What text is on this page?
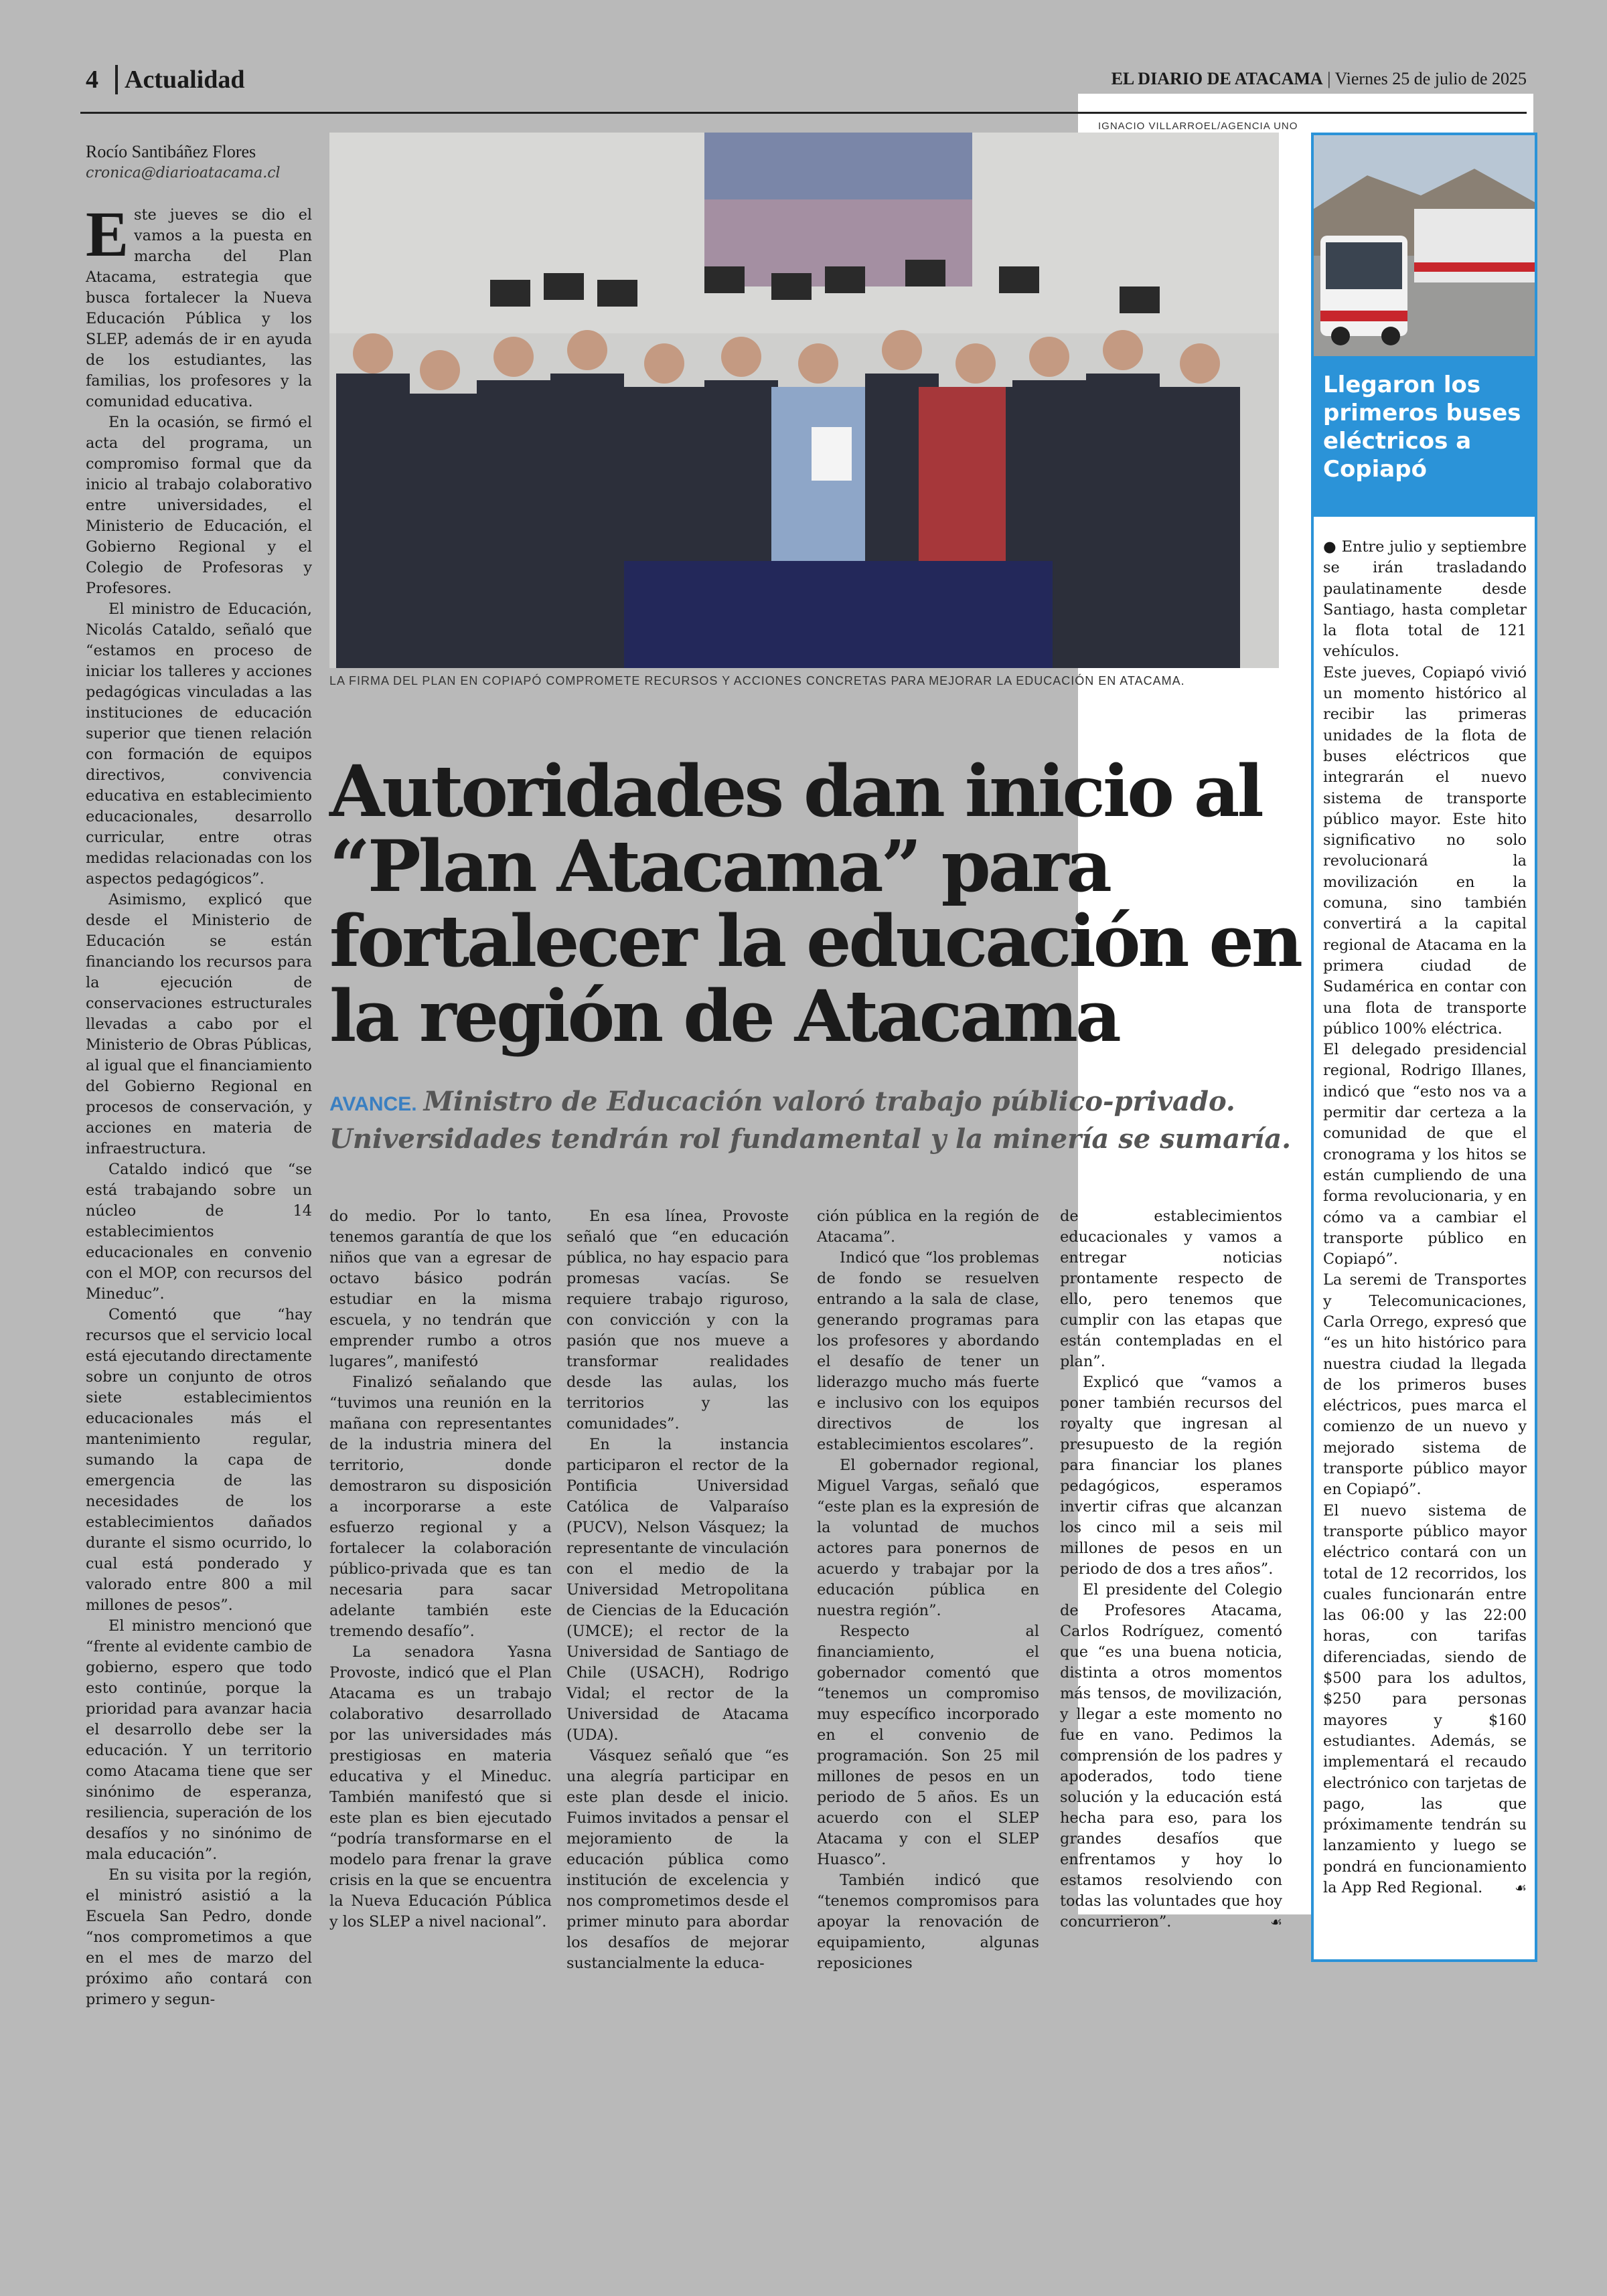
4	Actualidad	EL DIARIO DE ATACAMA | Viernes 25 de julio de 2025
Rocío Santibáñez Flores
cronica@diarioatacama.cl

Este jueves se dio el vamos a la puesta en marcha del Plan Atacama, estrategia que busca fortalecer la Nueva Educación Pública y los SLEP, además de ir en ayuda de los estudiantes, las familias, los profesores y la comunidad educativa.

En la ocasión, se firmó el acta del programa, un compromiso formal que da inicio al trabajo colaborativo entre universidades, el Ministerio de Educación, el Gobierno Regional y el Colegio de Profesoras y Profesores.

El ministro de Educación, Nicolás Cataldo, señaló que “estamos en proceso de iniciar los talleres y acciones pedagógicas vinculadas a las instituciones de educación superior que tienen relación con formación de equipos directivos, convivencia educativa en establecimiento educacionales, desarrollo curricular, entre otras medidas relacionadas con los aspectos pedagógicos”.

Asimismo, explicó que desde el Ministerio de Educación se están financiando los recursos para la ejecución de conservaciones estructurales llevadas a cabo por el Ministerio de Obras Públicas, al igual que el financiamiento del Gobierno Regional en procesos de conservación, y acciones en materia de infraestructura.

Cataldo indicó que “se está trabajando sobre un núcleo de 14 establecimientos educacionales en convenio con el MOP, con recursos del Mineduc”.

Comentó que “hay recursos que el servicio local está ejecutando directamente sobre un conjunto de otros siete establecimientos educacionales más el mantenimiento regular, sumando la capa de emergencia de las necesidades de los establecimientos dañados durante el sismo ocurrido, lo cual está ponderado y valorado entre 800 a mil millones de pesos”.

El ministro mencionó que “frente al evidente cambio de gobierno, espero que todo esto continúe, porque la prioridad para avanzar hacia el desarrollo debe ser la educación. Y un territorio como Atacama tiene que ser sinónimo de esperanza, resiliencia, superación de los desafíos y no sinónimo de mala educación”.

En su visita por la región, el ministró asistió a la Escuela San Pedro, donde “nos comprometimos a que en el mes de marzo del próximo año contará con primero y segun-

IGNACIO VILLARROEL/AGENCIA UNO
LA FIRMA DEL PLAN EN COPIAPÓ COMPROMETE RECURSOS Y ACCIONES CONCRETAS PARA MEJORAR LA EDUCACIÓN EN ATACAMA.
Autoridades dan inicio al “Plan Atacama” para fortalecer la educación en la región de Atacama
AVANCE. Ministro de Educación valoró trabajo público-privado. Universidades tendrán rol fundamental y la minería se sumaría.

do medio. Por lo tanto, tenemos garantía de que los niños que van a egresar de octavo básico podrán estudiar en la misma escuela, y no tendrán que emprender rumbo a otros lugares”, manifestó

Finalizó señalando que “tuvimos una reunión en la mañana con representantes de la industria minera del territorio, donde demostraron su disposición a incorporarse a este esfuerzo regional y a fortalecer la colaboración público-privada que es tan necesaria para sacar adelante también este tremendo desafío”.

La senadora Yasna Provoste, indicó que el Plan Atacama es un trabajo colaborativo desarrollado por las universidades más prestigiosas en materia educativa y el Mineduc. También manifestó que si este plan es bien ejecutado “podría transformarse en el modelo para frenar la grave crisis en la que se encuentra la Nueva Educación Pública y los SLEP a nivel nacional”.

En esa línea, Provoste señaló que “en educación pública, no hay espacio para promesas vacías. Se requiere trabajo riguroso, con convicción y con la pasión que nos mueve a transformar realidades desde las aulas, los territorios y las comunidades”.

En la instancia participaron el rector de la Pontificia Universidad Católica de Valparaíso (PUCV), Nelson Vásquez; la representante de vinculación con el medio de la Universidad Metropolitana de Ciencias de la Educación (UMCE); el rector de la Universidad de Santiago de Chile (USACH), Rodrigo Vidal; el rector de la Universidad de Atacama (UDA).

Vásquez señaló que “es una alegría participar en este plan desde el inicio. Fuimos invitados a pensar el mejoramiento de la educación pública como institución de excelencia y nos comprometimos desde el primer minuto para abordar los desafíos de mejorar sustancialmente la educa-

ción pública en la región de Atacama”.

Indicó que “los problemas de fondo se resuelven entrando a la sala de clase, generando programas para los profesores y abordando el desafío de tener un liderazgo mucho más fuerte e inclusivo con los equipos directivos de los establecimientos escolares”.

El gobernador regional, Miguel Vargas, señaló que “este plan es la expresión de la voluntad de muchos actores para ponernos de acuerdo y trabajar por la educación pública en nuestra región”.

Respecto al financiamiento, el gobernador comentó que “tenemos un compromiso muy específico incorporado en el convenio de programación. Son 25 mil millones de pesos en un periodo de 5 años. Es un acuerdo con el SLEP Atacama y con el SLEP Huasco”.

También indicó que “tenemos compromisos para apoyar la renovación de equipamiento, algunas reposiciones

de establecimientos educacionales y vamos a entregar noticias prontamente respecto de ello, pero tenemos que cumplir con las etapas que están contempladas en el plan”.

Explicó que “vamos a poner también recursos del royalty que ingresan al presupuesto de la región para financiar los planes pedagógicos, esperamos invertir cifras que alcanzan los cinco mil a seis mil millones de pesos en un periodo de dos a tres años”.

El presidente del Colegio de Profesores Atacama, Carlos Rodríguez, comentó que “es una buena noticia, distinta a otros momentos más tensos, de movilización, y llegar a este momento no fue en vano. Pedimos la comprensión de los padres y apoderados, todo tiene solución y la educación está hecha para eso, para los grandes desafíos que enfrentamos y hoy lo estamos resolviendo con todas las voluntades que hoy concurrieron”.	☙

Llegaron los primeros buses eléctricos a Copiapó

● Entre julio y septiembre se irán trasladando paulatinamente desde Santiago, hasta completar la flota total de 121 vehículos.

Este jueves, Copiapó vivió un momento histórico al recibir las primeras unidades de la flota de buses eléctricos que integrarán el nuevo sistema de transporte público mayor. Este hito significativo no solo revolucionará la movilización en la comuna, sino también convertirá a la capital regional de Atacama en la primera ciudad de Sudamérica en contar con una flota de transporte público 100% eléctrica.

El delegado presidencial regional, Rodrigo Illanes, indicó que “esto nos va a permitir dar certeza a la comunidad de que el cronograma y los hitos se están cumpliendo de una forma revolucionaria, y en cómo va a cambiar el transporte público en Copiapó”.

La seremi de Transportes y Telecomunicaciones, Carla Orrego, expresó que “es un hito histórico para nuestra ciudad la llegada de los primeros buses eléctricos, pues marca el comienzo de un nuevo y mejorado sistema de transporte público mayor en Copiapó”.

El nuevo sistema de transporte público mayor eléctrico contará con un total de 12 recorridos, los cuales funcionarán entre las 06:00 y las 22:00 horas, con tarifas diferenciadas, siendo de $500 para los adultos, $250 para personas mayores y $160 estudiantes. Además, se implementará el recaudo electrónico con tarjetas de pago, las que próximamente tendrán su lanzamiento y luego se pondrá en funcionamiento la App Red Regional. ☙
